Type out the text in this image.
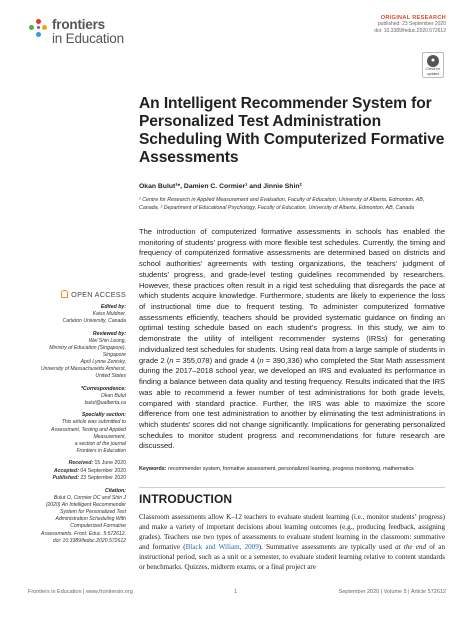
frontiers
in Education
ORIGINAL RESEARCH
published: 23 September 2020
doi: 10.3389/feduc.2020.572612
●
Check for
updates
An Intelligent Recommender System for Personalized Test Administration Scheduling With Computerized Formative Assessments
Okan Bulut¹*, Damien C. Cormier¹ and Jinnie Shin²
¹ Centre for Research in Applied Measurement and Evaluation, Faculty of Education, University of Alberta, Edmonton, AB,
Canada, ² Department of Educational Psychology, Faculty of Education, University of Alberta, Edmonton, AB, Canada
The introduction of computerized formative assessments in schools has enabled the monitoring of students’ progress with more flexible test schedules. Currently, the timing and frequency of computerized formative assessments are determined based on districts and school authorities’ agreements with testing organizations, the teachers’ judgment of students’ progress, and grade-level testing guidelines recommended by researchers. However, these practices often result in a rigid test scheduling that disregards the pace at which students acquire knowledge. Furthermore, students are likely to experience the loss of instructional time due to frequent testing. To administer computerized formative assessments efficiently, teachers should be provided systematic guidance on finding an optimal testing schedule based on each student’s progress. In this study, we aim to demonstrate the utility of intelligent recommender systems (IRSs) for generating individualized test schedules for students. Using real data from a large sample of students in grade 2 (n = 355,078) and grade 4 (n = 390,336) who completed the Star Math assessment during the 2017–2018 school year, we developed an IRS and evaluated its performance in finding a balance between data quality and testing frequency. Results indicated that the IRS was able to recommend a fewer number of test administrations for both grade levels, compared with standard practice. Further, the IRS was able to maximize the score difference from one test administration to another by eliminating the test administrations in which students’ scores did not change significantly. Implications for generating personalized schedules to monitor student progress and recommendations for future research are discussed.
Keywords: recommender system, formative assessment, personalized learning, progress monitoring, mathematics
INTRODUCTION
Classroom assessments allow K–12 teachers to evaluate student learning (i.e., monitor students’ progress) and make a variety of important decisions about learning outcomes (e.g., producing feedback, assigning grades). Teachers use two types of assessments to evaluate student learning in the classroom: summative and formative (Black and Wiliam, 2009). Summative assessments are typically used at the end of an instructional period, such as a unit or a semester, to evaluate student learning relative to content standards or benchmarks. Quizzes, midterm exams, or a final project are
OPEN ACCESS
Edited by:
Kaiss Muldner,
Carleton University, Canada
Reviewed by:
Wei Shin Leong,
Ministry of Education (Singapore),
Singapore
April Lynne Zenisky,
University of Massachusetts Amherst,
United States
*Correspondence:
Okan Bulut
bulut@ualberta.ca
Specialty section:
This article was submitted to
Assessment, Testing and Applied
Measurement,
a section of the journal
Frontiers in Education
Received: 15 June 2020
Accepted: 04 September 2020
Published: 23 September 2020
Citation:
Bulut O, Cormier DC and Shin J
(2020) An Intelligent Recommender
System for Personalized Test
Administration Scheduling With
Computerized Formative
Assessments. Front. Educ. 5:572612.
doi: 10.3389/feduc.2020.572612
Frontiers in Education | www.frontiersin.org	1	September 2020 | Volume 5 | Article 572612
